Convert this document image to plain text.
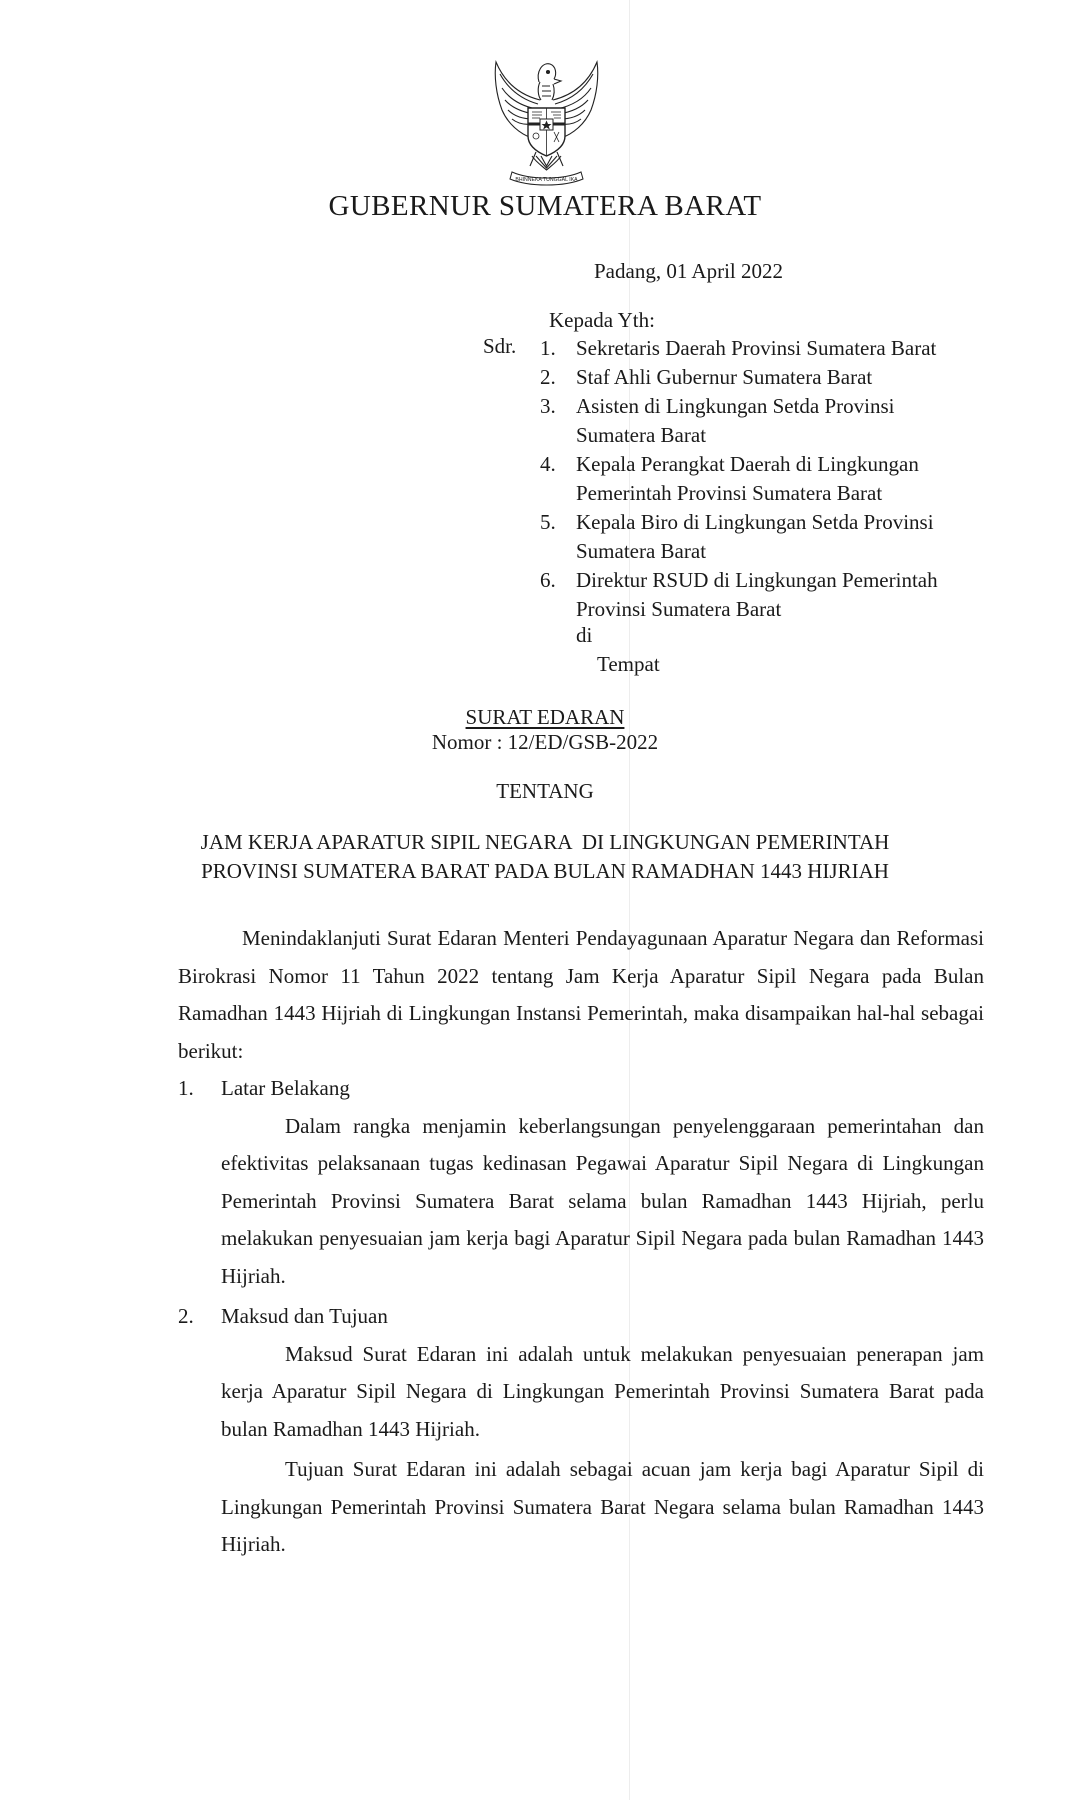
BHINNEKA TUNGGAL IKA
GUBERNUR SUMATERA BARAT
Padang, 01 April 2022
Kepada Yth:
Sdr. 1. Sekretaris Daerah Provinsi Sumatera Barat
2. Staf Ahli Gubernur Sumatera Barat
3. Asisten di Lingkungan Setda Provinsi
Sumatera Barat
4. Kepala Perangkat Daerah di Lingkungan
Pemerintah Provinsi Sumatera Barat
5. Kepala Biro di Lingkungan Setda Provinsi
Sumatera Barat
6. Direktur RSUD di Lingkungan Pemerintah
Provinsi Sumatera Barat
di
Tempat
SURAT EDARAN
Nomor : 12/ED/GSB-2022
TENTANG
JAM KERJA APARATUR SIPIL NEGARA  DI LINGKUNGAN PEMERINTAH
PROVINSI SUMATERA BARAT PADA BULAN RAMADHAN 1443 HIJRIAH

Menindaklanjuti Surat Edaran Menteri Pendayagunaan Aparatur Negara dan Reformasi Birokrasi Nomor 11 Tahun 2022 tentang Jam Kerja Aparatur Sipil Negara pada Bulan Ramadhan 1443 Hijriah di Lingkungan Instansi Pemerintah, maka disampaikan hal-hal sebagai berikut:

1.	Latar Belakang

Dalam rangka menjamin keberlangsungan penyelenggaraan pemerintahan dan efektivitas pelaksanaan tugas kedinasan Pegawai Aparatur Sipil Negara di Lingkungan Pemerintah Provinsi Sumatera Barat selama bulan Ramadhan 1443 Hijriah, perlu melakukan penyesuaian jam kerja bagi Aparatur Sipil Negara pada bulan Ramadhan 1443 Hijriah.

2.	Maksud dan Tujuan

Maksud Surat Edaran ini adalah untuk melakukan penyesuaian penerapan jam kerja Aparatur Sipil Negara di Lingkungan Pemerintah Provinsi Sumatera Barat pada bulan Ramadhan 1443 Hijriah.

Tujuan Surat Edaran ini adalah sebagai acuan jam kerja bagi Aparatur Sipil di Lingkungan Pemerintah Provinsi Sumatera Barat Negara selama bulan Ramadhan 1443 Hijriah.
